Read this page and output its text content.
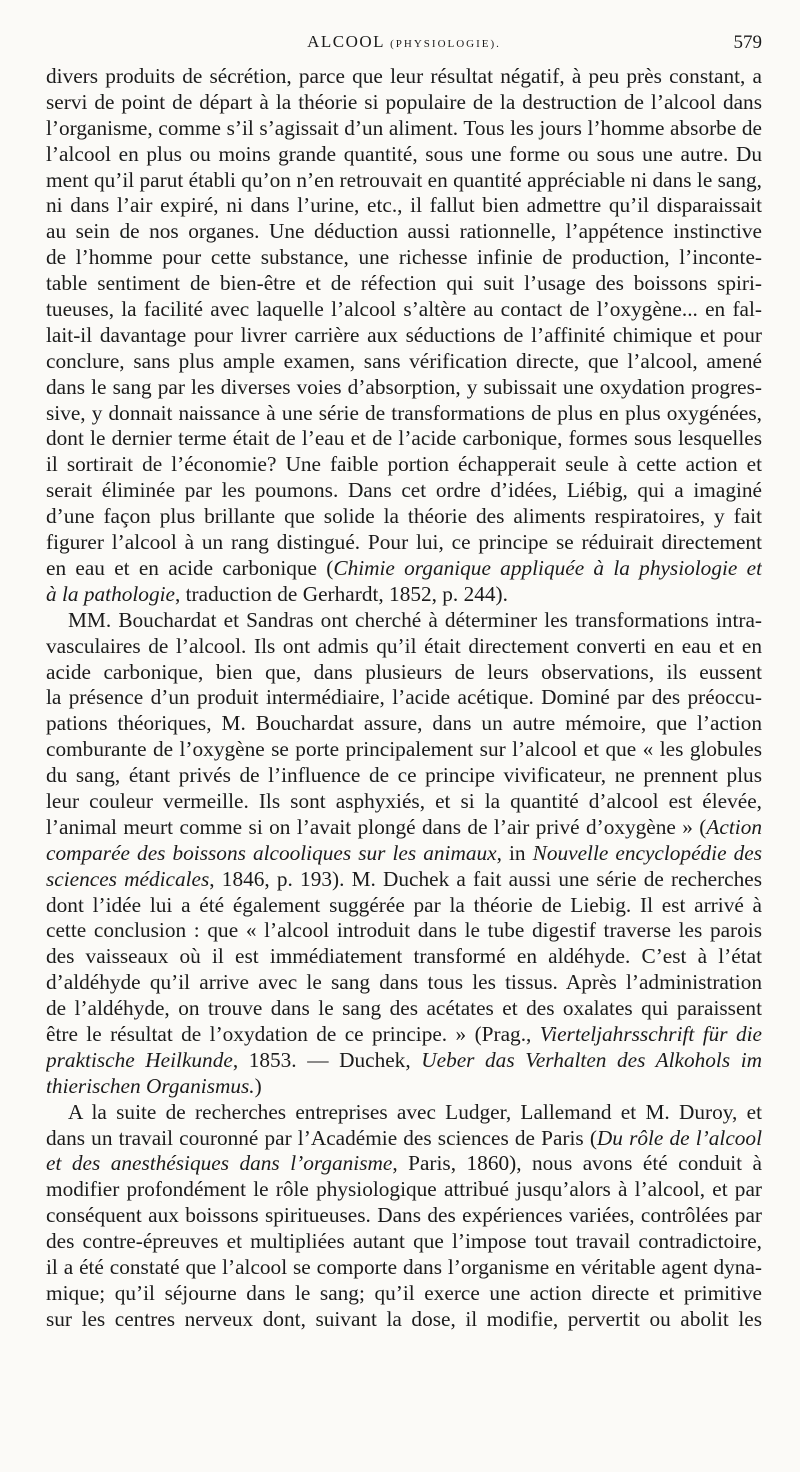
ALCOOL (PHYSIOLOGIE).	579
divers produits de sécrétion, parce que leur résultat négatif, à peu près constant, a
servi de point de départ à la théorie si populaire de la destruction de l’alcool dans
l’organisme, comme s’il s’agissait d’un aliment. Tous les jours l’homme absorbe de
l’alcool en plus ou moins grande quantité, sous une forme ou sous une autre. Du
ment qu’il parut établi qu’on n’en retrouvait en quantité appréciable ni dans le sang,
ni dans l’air expiré, ni dans l’urine, etc., il fallut bien admettre qu’il disparaissait
au sein de nos organes. Une déduction aussi rationnelle, l’appétence instinctive
de l’homme pour cette substance, une richesse infinie de production, l’inconte-
table sentiment de bien-être et de réfection qui suit l’usage des boissons spiri-
tueuses, la facilité avec laquelle l’alcool s’altère au contact de l’oxygène... en fal-
lait-il davantage pour livrer carrière aux séductions de l’affinité chimique et pour
conclure, sans plus ample examen, sans vérification directe, que l’alcool, amené
dans le sang par les diverses voies d’absorption, y subissait une oxydation progres-
sive, y donnait naissance à une série de transformations de plus en plus oxygénées,
dont le dernier terme était de l’eau et de l’acide carbonique, formes sous lesquelles
il sortirait de l’économie? Une faible portion échapperait seule à cette action et
serait éliminée par les poumons. Dans cet ordre d’idées, Liébig, qui a imaginé
d’une façon plus brillante que solide la théorie des aliments respiratoires, y fait
figurer l’alcool à un rang distingué. Pour lui, ce principe se réduirait directement
en eau et en acide carbonique (Chimie organique appliquée à la physiologie et
à la pathologie, traduction de Gerhardt, 1852, p. 244).
MM. Bouchardat et Sandras ont cherché à déterminer les transformations intra-
vasculaires de l’alcool. Ils ont admis qu’il était directement converti en eau et en
acide carbonique, bien que, dans plusieurs de leurs observations, ils eussent
la présence d’un produit intermédiaire, l’acide acétique. Dominé par des préoccu-
pations théoriques, M. Bouchardat assure, dans un autre mémoire, que l’action
comburante de l’oxygène se porte principalement sur l’alcool et que « les globules
du sang, étant privés de l’influence de ce principe vivificateur, ne prennent plus
leur couleur vermeille. Ils sont asphyxiés, et si la quantité d’alcool est élevée,
l’animal meurt comme si on l’avait plongé dans de l’air privé d’oxygène » (Action
comparée des boissons alcooliques sur les animaux, in Nouvelle encyclopédie des
sciences médicales, 1846, p. 193). M. Duchek a fait aussi une série de recherches
dont l’idée lui a été également suggérée par la théorie de Liebig. Il est arrivé à
cette conclusion : que « l’alcool introduit dans le tube digestif traverse les parois
des vaisseaux où il est immédiatement transformé en aldéhyde. C’est à l’état
d’aldéhyde qu’il arrive avec le sang dans tous les tissus. Après l’administration
de l’aldéhyde, on trouve dans le sang des acétates et des oxalates qui paraissent
être le résultat de l’oxydation de ce principe. » (Prag., Vierteljahrsschrift für die
praktische Heilkunde, 1853. — Duchek, Ueber das Verhalten des Alkohols im
thierischen Organismus.)
A la suite de recherches entreprises avec Ludger, Lallemand et M. Duroy, et
dans un travail couronné par l’Académie des sciences de Paris (Du rôle de l’alcool
et des anesthésiques dans l’organisme, Paris, 1860), nous avons été conduit à
modifier profondément le rôle physiologique attribué jusqu’alors à l’alcool, et par
conséquent aux boissons spiritueuses. Dans des expériences variées, contrôlées par
des contre-épreuves et multipliées autant que l’impose tout travail contradictoire,
il a été constaté que l’alcool se comporte dans l’organisme en véritable agent dyna-
mique; qu’il séjourne dans le sang; qu’il exerce une action directe et primitive
sur les centres nerveux dont, suivant la dose, il modifie, pervertit ou abolit les
